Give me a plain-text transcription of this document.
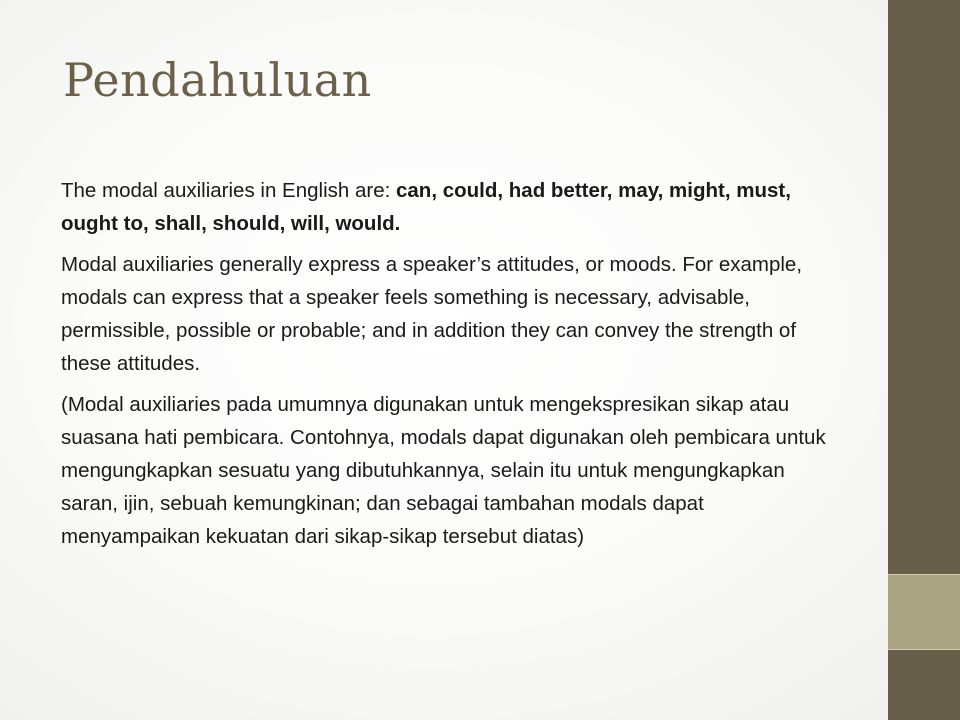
Pendahuluan

The modal auxiliaries in English are: can, could, had better, may, might, must, ought to, shall, should, will, would.

Modal auxiliaries generally express a speaker’s attitudes, or moods. For example, modals can express that a speaker feels something is necessary, advisable, permissible, possible or probable; and in addition they can convey the strength of these attitudes.

(Modal auxiliaries pada umumnya digunakan untuk mengekspresikan sikap atau suasana hati pembicara. Contohnya, modals dapat digunakan oleh pembicara untuk mengungkapkan sesuatu yang dibutuhkannya, selain itu untuk mengungkapkan saran, ijin, sebuah kemungkinan; dan sebagai tambahan modals dapat menyampaikan kekuatan dari sikap-sikap tersebut diatas)
